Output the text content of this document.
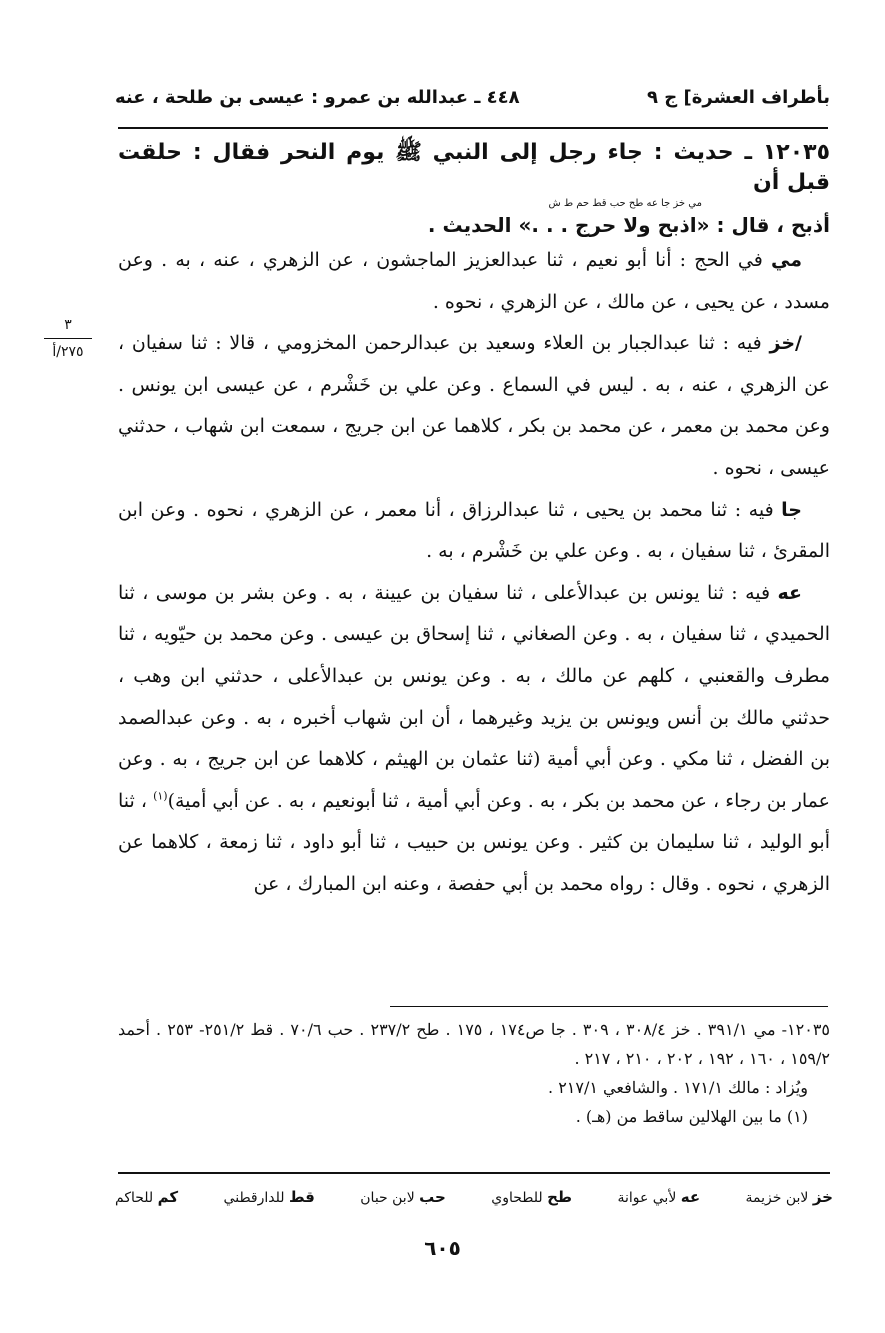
بأطراف العشرة] ج ٩
٤٤٨ ـ عبدالله بن عمرو : عيسى بن طلحة ، عنه
٣
٢٧٥/أ

١٢٠٣٥ ـ حديث : جاء رجل إلى النبي ﷺ يوم النحر فقال : حلقت قبل أن

مي خز جا عه طح حب قط حم ط ش

أذبح ، قال : «اذبح ولا حرج . . .» الحديث .

مي في الحج : أنا أبو نعيم ، ثنا عبدالعزيز الماجشون ، عن الزهري ، عنه ، به . وعن مسدد ، عن يحيى ، عن مالك ، عن الزهري ، نحوه .

/خز فيه : ثنا عبدالجبار بن العلاء وسعيد بن عبدالرحمن المخزومي ، قالا : ثنا سفيان ، عن الزهري ، عنه ، به . ليس في السماع . وعن علي بن خَشْرم ، عن عيسى ابن يونس . وعن محمد بن معمر ، عن محمد بن بكر ، كلاهما عن ابن جريج ، سمعت ابن شهاب ، حدثني عيسى ، نحوه .

جا فيه : ثنا محمد بن يحيى ، ثنا عبدالرزاق ، أنا معمر ، عن الزهري ، نحوه . وعن ابن المقرئ ، ثنا سفيان ، به . وعن علي بن خَشْرم ، به .

عه فيه : ثنا يونس بن عبدالأعلى ، ثنا سفيان بن عيينة ، به . وعن بشر بن موسى ، ثنا الحميدي ، ثنا سفيان ، به . وعن الصغاني ، ثنا إسحاق بن عيسى . وعن محمد بن حيّويه ، ثنا مطرف والقعنبي ، كلهم عن مالك ، به . وعن يونس بن عبدالأعلى ، حدثني ابن وهب ، حدثني مالك بن أنس ويونس بن يزيد وغيرهما ، أن ابن شهاب أخبره ، به . وعن عبدالصمد بن الفضل ، ثنا مكي . وعن أبي أمية (ثنا عثمان بن الهيثم ، كلاهما عن ابن جريج ، به . وعن عمار بن رجاء ، عن محمد بن بكر ، به . وعن أبي أمية ، ثنا أبونعيم ، به . عن أبي أمية)$^{(١)}$ ، ثنا أبو الوليد ، ثنا سليمان بن كثير . وعن يونس بن حبيب ، ثنا أبو داود ، ثنا زمعة ، كلاهما عن الزهري ، نحوه . وقال : رواه محمد بن أبي حفصة ، وعنه ابن المبارك ، عن

١٢٠٣٥- مي ٣٩١/١ . خز ٣٠٨/٤ ، ٣٠٩ . جا ص١٧٤ ، ١٧٥ . طح ٢٣٧/٢ . حب ٧٠/٦ . قط ٢٥١/٢- ٢٥٣ . أحمد ١٥٩/٢ ، ١٦٠ ، ١٩٢ ، ٢٠٢ ، ٢١٠ ، ٢١٧ .

ويُزاد : مالك ١٧١/١ . والشافعي ٢١٧/١ .

(١) ما بين الهلالين ساقط من (هـ) .

خز لابن خزيمة
عه لأبي عوانة
طح للطحاوي
حب لابن حبان
قط للدارقطني
كم للحاكم
٦٠٥
